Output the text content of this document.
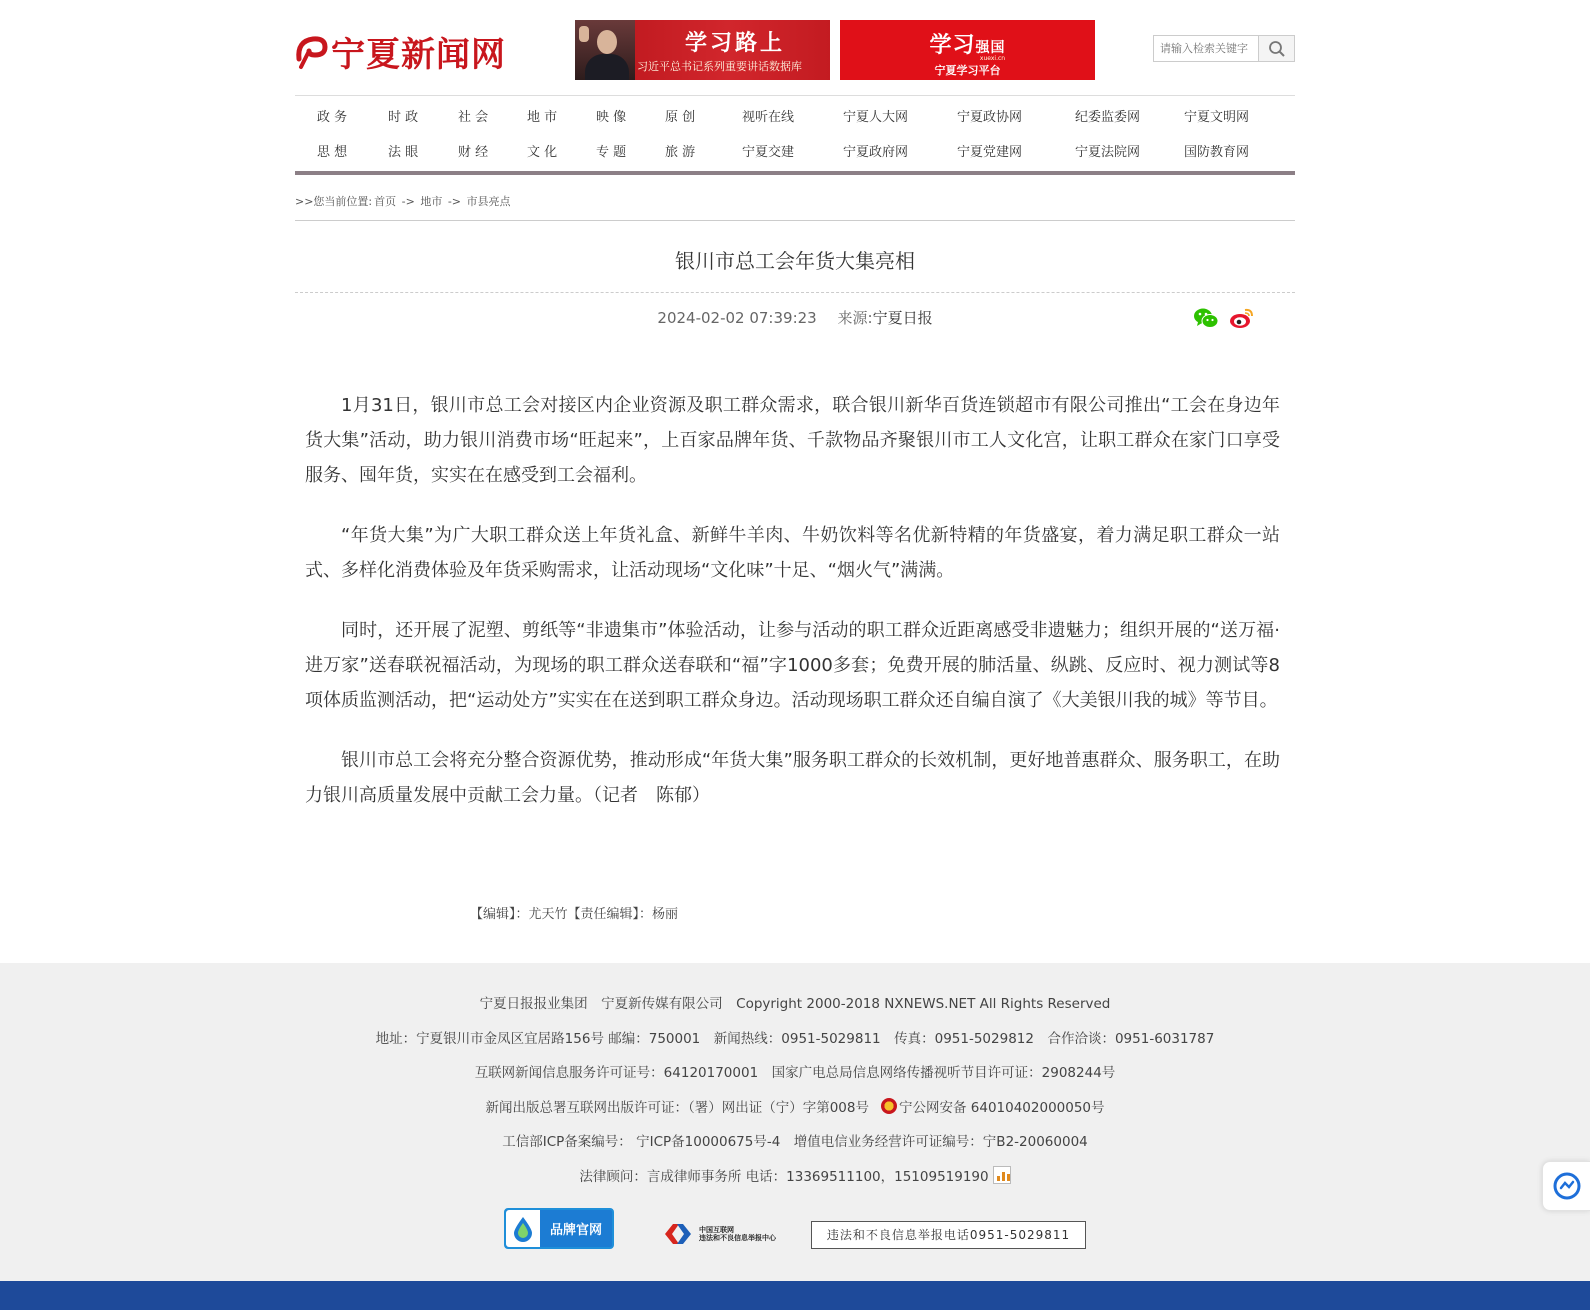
宁夏新闻网	学习路上
习近平总书记系列重要讲话数据库
学习强国
xuexi.cn
宁夏学习平台
请输入检索关键字
政 务	时 政	社 会	地 市	映 像	原 创	视听在线	宁夏人大网	宁夏政协网	纪委监委网	宁夏文明网
思 想	法 眼	财 经	文 化	专 题	旅 游	宁夏交建	宁夏政府网	宁夏党建网	宁夏法院网	国防教育网
>>您当前位置: 首页 -> 地市 -> 市县亮点
银川市总工会年货大集亮相
2024-02-02 07:39:23 来源:宁夏日报

1月31日，银川市总工会对接区内企业资源及职工群众需求，联合银川新华百货连锁超市有限公司推出“工会在身边年货大集”活动，助力银川消费市场“旺起来”，上百家品牌年货、千款物品齐聚银川市工人文化宫，让职工群众在家门口享受服务、囤年货，实实在在感受到工会福利。

“年货大集”为广大职工群众送上年货礼盒、新鲜牛羊肉、牛奶饮料等名优新特精的年货盛宴，着力满足职工群众一站式、多样化消费体验及年货采购需求，让活动现场“文化味”十足、“烟火气”满满。

同时，还开展了泥塑、剪纸等“非遗集市”体验活动，让参与活动的职工群众近距离感受非遗魅力；组织开展的“送万福·进万家”送春联祝福活动，为现场的职工群众送春联和“福”字1000多套；免费开展的肺活量、纵跳、反应时、视力测试等8项体质监测活动，把“运动处方”实实在在送到职工群众身边。活动现场职工群众还自编自演了《大美银川我的城》等节目。

银川市总工会将充分整合资源优势，推动形成“年货大集”服务职工群众的长效机制，更好地普惠群众、服务职工，在助力银川高质量发展中贡献工会力量。（记者　陈郁）

【编辑】：尤天竹【责任编辑】：杨丽
宁夏日报报业集团　宁夏新传媒有限公司　Copyright 2000-2018 NXNEWS.NET All Rights Reserved
地址：宁夏银川市金凤区宜居路156号 邮编：750001　新闻热线：0951-5029811　传真：0951-5029812　合作洽谈：0951-6031787
互联网新闻信息服务许可证号：64120170001　国家广电总局信息网络传播视听节目许可证：2908244号
新闻出版总署互联网出版许可证：（署）网出证（宁）字第008号 宁公网安备 64010402000050号
工信部ICP备案编号： 宁ICP备10000675号-4　增值电信业务经营许可证编号：宁B2-20060004
法律顾问：言成律师事务所 电话：13369511100，15109519190
品牌官网	中国互联网
违法和不良信息举报中心	违法和不良信息举报电话0951-5029811
